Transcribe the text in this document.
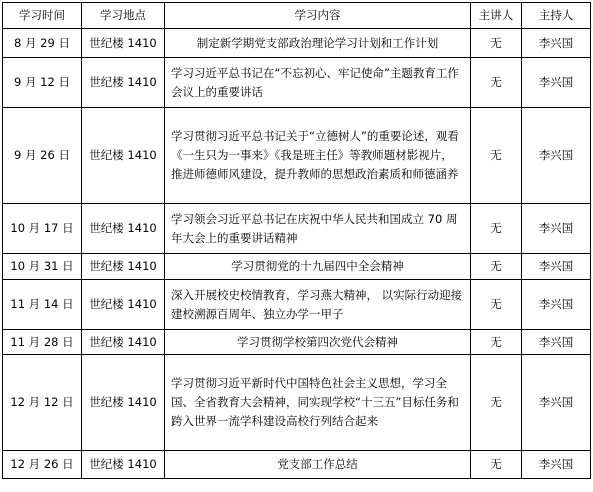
学习时间	学习地点	学习内容	主讲人	主持人
8 月 29 日	世纪楼 1410	制定新学期党支部政治理论学习计划和工作计划	无	李兴国
9 月 12 日	世纪楼 1410	学习习近平总书记在“不忘初心、牢记使命”主题教育工作会议上的重要讲话	无	李兴国
9 月 26 日	世纪楼 1410	学习贯彻习近平总书记关于“立德树人”的重要论述，观看《一生只为一事来》《我是班主任》等教师题材影视片，推进师德师风建设，提升教师的思想政治素质和师德涵养	无	李兴国
10 月 17 日	世纪楼 1410	学习领会习近平总书记在庆祝中华人民共和国成立 70 周年大会上的重要讲话精神	无	李兴国
10 月 31 日	世纪楼 1410	学习贯彻党的十九届四中全会精神	无	李兴国
11 月 14 日	世纪楼 1410	深入开展校史校情教育，学习燕大精神， 以实际行动迎接建校溯源百周年、独立办学一甲子	无	李兴国
11 月 28 日	世纪楼 1410	学习贯彻学校第四次党代会精神	无	李兴国
12 月 12 日	世纪楼 1410	学习贯彻习近平新时代中国特色社会主义思想，学习全国、全省教育大会精神，同实现学校“十三五”目标任务和跨入世界一流学科建设高校行列结合起来	无	李兴国
12 月 26 日	世纪楼 1410	党支部工作总结	无	李兴国
